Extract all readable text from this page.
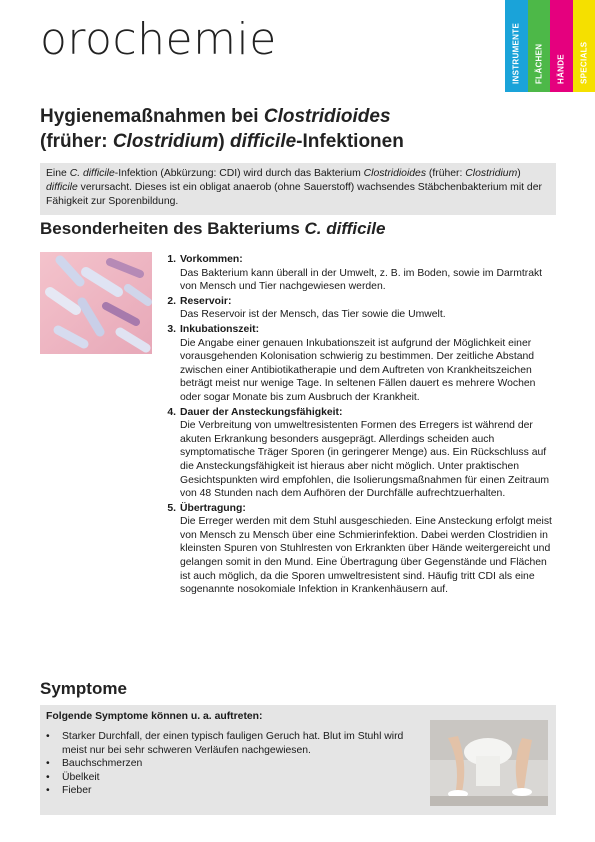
orochemie	INSTRUMENTE FLÄCHEN HÄNDE SPECIALS
Hygienemaßnahmen bei Clostridioides
(früher: Clostridium) difficile-Infektionen
Eine C. difficile-Infektion (Abkürzung: CDI) wird durch das Bakterium Clostridioides (früher: Clostridium) difficile verursacht. Dieses ist ein obligat anaerob (ohne Sauerstoff) wachsendes Stäbchenbakterium mit der Fähigkeit zur Sporenbildung.
Besonderheiten des Bakteriums C. difficile
1. Vorkommen:
Das Bakterium kann überall in der Umwelt, z. B. im Boden, sowie im Darmtrakt von Mensch und Tier nachgewiesen werden.
2. Reservoir:
Das Reservoir ist der Mensch, das Tier sowie die Umwelt.
3. Inkubationszeit:
Die Angabe einer genauen Inkubationszeit ist aufgrund der Möglichkeit einer vorausgehenden Kolonisation schwierig zu bestimmen. Der zeitliche Abstand zwischen einer Antibiotikatherapie und dem Auftreten von Krankheitszeichen beträgt meist nur wenige Tage. In seltenen Fällen dauert es mehrere Wochen oder sogar Monate bis zum Ausbruch der Krankheit.
4. Dauer der Ansteckungsfähigkeit:
Die Verbreitung von umweltresistenten Formen des Erregers ist während der akuten Erkrankung besonders ausgeprägt. Allerdings scheiden auch symptomatische Träger Sporen (in geringerer Menge) aus. Ein Rückschluss auf die Ansteckungsfähigkeit ist hieraus aber nicht möglich. Unter praktischen Gesichtspunkten wird empfohlen, die Isolierungsmaßnahmen für einen Zeitraum von 48 Stunden nach dem Aufhören der Durchfälle aufrechtzuerhalten.
5. Übertragung:
Die Erreger werden mit dem Stuhl ausgeschieden. Eine Ansteckung erfolgt meist von Mensch zu Mensch über eine Schmierinfektion. Dabei werden Clostridien in kleinsten Spuren von Stuhlresten von Erkrankten über Hände weitergereicht und gelangen somit in den Mund. Eine Übertragung über Gegenstände und Flächen ist auch möglich, da die Sporen umweltresistent sind. Häufig tritt CDI als eine sogenannte nosokomiale Infektion in Krankenhäusern auf.
Symptome
Folgende Symptome können u. a. auftreten:
•	Starker Durchfall, der einen typisch fauligen Geruch hat. Blut im Stuhl wird meist nur bei sehr schweren Verläufen nachgewiesen.
•	Bauchschmerzen
•	Übelkeit
•	Fieber
